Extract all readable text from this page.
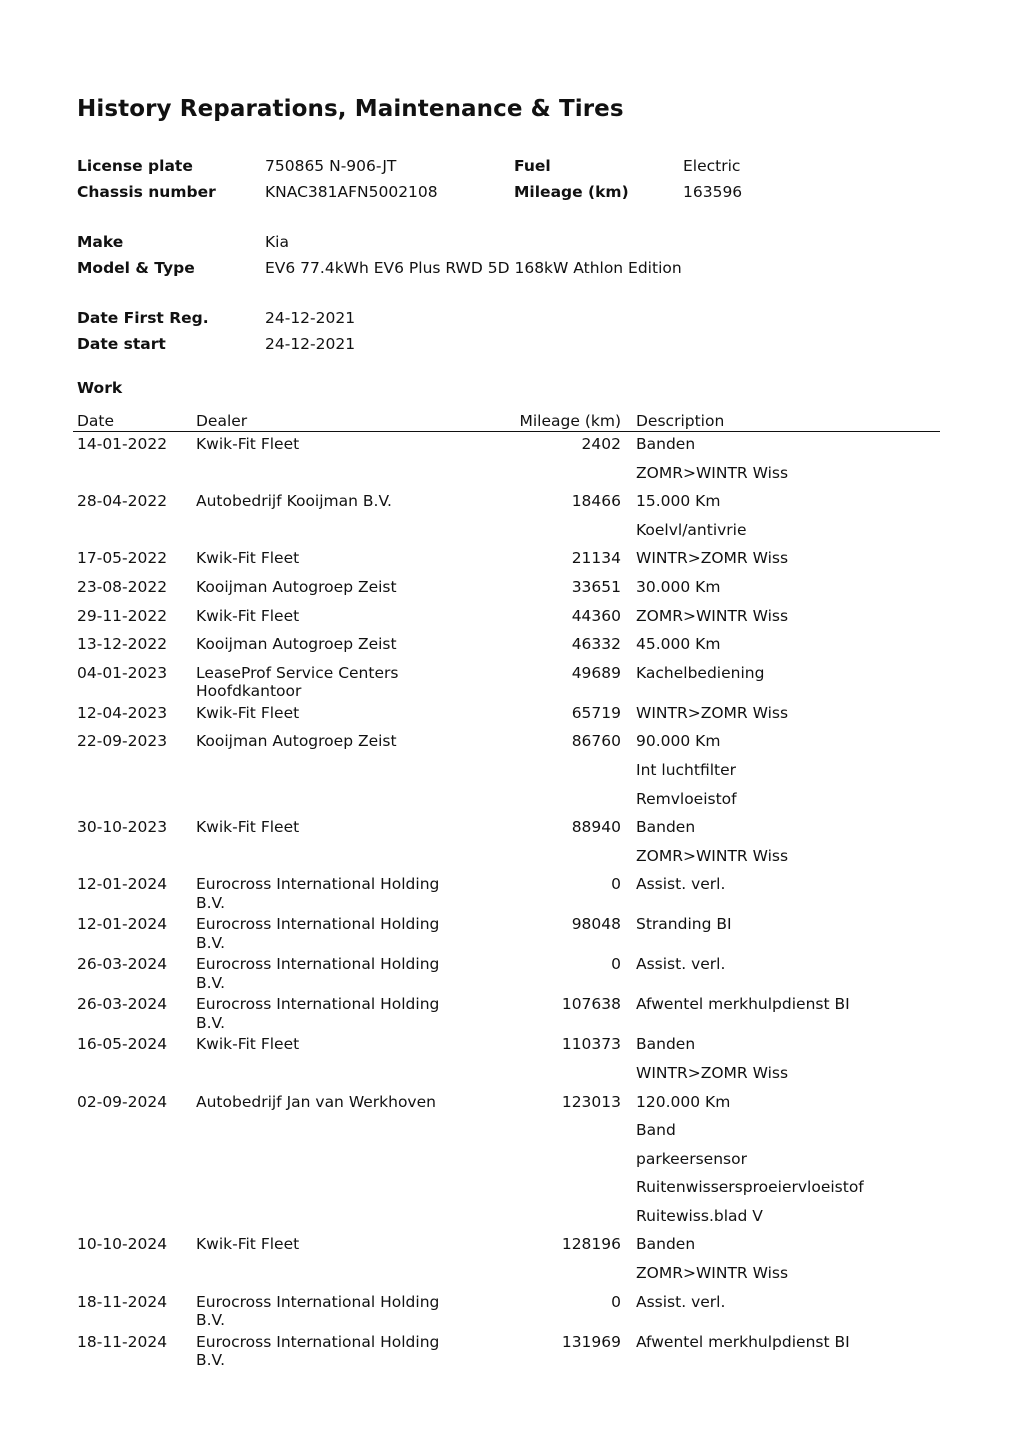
History Reparations, Maintenance & Tires
License plate	750865 N-906-JT	Fuel	Electric
Chassis number	KNAC381AFN5002108	Mileage (km)	163596
Make	Kia
Model & Type	EV6 77.4kWh EV6 Plus RWD 5D 168kW Athlon Edition
Date First Reg.	24-12-2021
Date start	24-12-2021
Work
Date	Dealer	Mileage (km)	Description

14-01-2022	Kwik-Fit Fleet	2402	Banden
ZOMR>WINTR Wiss

28-04-2022	Autobedrijf Kooijman B.V.	18466	15.000 Km
Koelvl/antivrie

17-05-2022	Kwik-Fit Fleet	21134	WINTR>ZOMR Wiss

23-08-2022	Kooijman Autogroep Zeist	33651	30.000 Km

29-11-2022	Kwik-Fit Fleet	44360	ZOMR>WINTR Wiss

13-12-2022	Kooijman Autogroep Zeist	46332	45.000 Km

04-01-2023	LeaseProf Service Centers Hoofdkantoor	49689	Kachelbediening

12-04-2023	Kwik-Fit Fleet	65719	WINTR>ZOMR Wiss

22-09-2023	Kooijman Autogroep Zeist	86760	90.000 Km
Int luchtfilter
Remvloeistof

30-10-2023	Kwik-Fit Fleet	88940	Banden
ZOMR>WINTR Wiss

12-01-2024	Eurocross International Holding B.V.	0	Assist. verl.

12-01-2024	Eurocross International Holding B.V.	98048	Stranding BI

26-03-2024	Eurocross International Holding B.V.	0	Assist. verl.

26-03-2024	Eurocross International Holding B.V.	107638	Afwentel merkhulpdienst BI

16-05-2024	Kwik-Fit Fleet	110373	Banden
WINTR>ZOMR Wiss

02-09-2024	Autobedrijf Jan van Werkhoven	123013	120.000 Km
Band
parkeersensor
Ruitenwissersproeiervloeistof
Ruitewiss.blad V

10-10-2024	Kwik-Fit Fleet	128196	Banden
ZOMR>WINTR Wiss

18-11-2024	Eurocross International Holding B.V.	0	Assist. verl.

18-11-2024	Eurocross International Holding B.V.	131969	Afwentel merkhulpdienst BI
